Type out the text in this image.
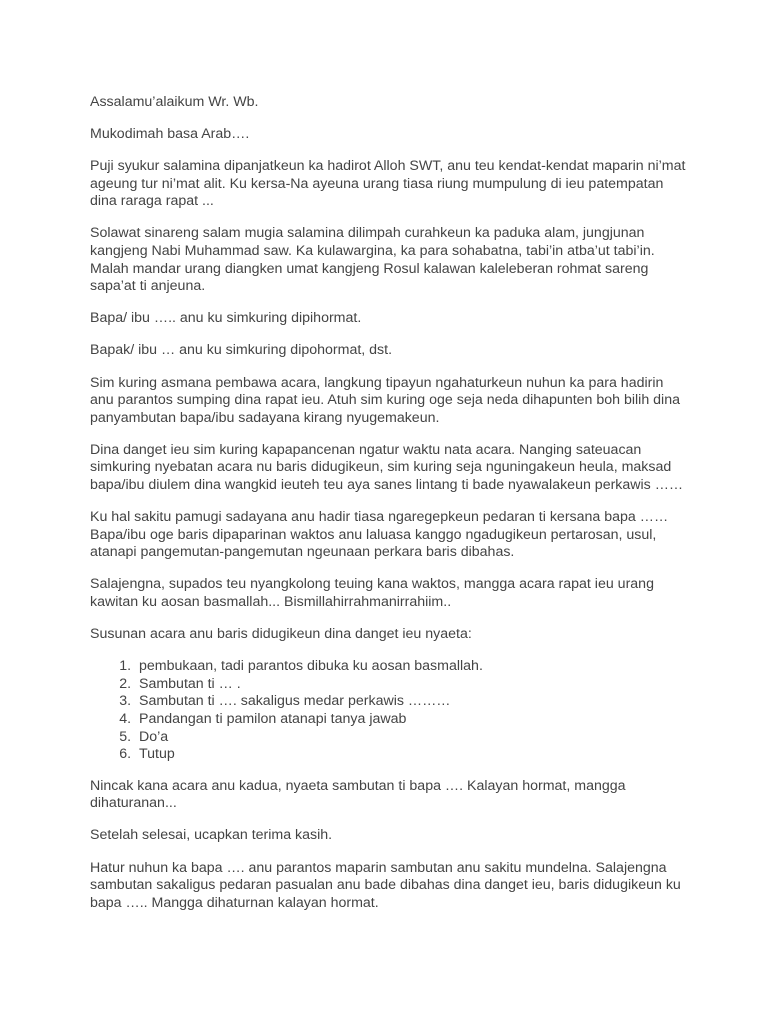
Assalamu’alaikum Wr. Wb.

Mukodimah basa Arab….

Puji syukur salamina dipanjatkeun ka hadirot Alloh SWT, anu teu kendat-kendat maparin ni’mat ageung tur ni’mat alit. Ku kersa-Na ayeuna urang tiasa riung mumpulung di ieu patempatan dina raraga rapat ...

Solawat sinareng salam mugia salamina dilimpah curahkeun ka paduka alam, jungjunan kangjeng Nabi Muhammad saw. Ka kulawargina, ka para sohabatna, tabi’in atba’ut tabi’in. Malah mandar urang diangken umat kangjeng Rosul kalawan kaleleberan rohmat sareng sapa’at ti anjeuna.

Bapa/ ibu ….. anu ku simkuring dipihormat.

Bapak/ ibu … anu ku simkuring dipohormat, dst.

Sim kuring asmana pembawa acara, langkung tipayun ngahaturkeun nuhun ka para hadirin anu parantos sumping dina rapat ieu. Atuh sim kuring oge seja neda dihapunten boh bilih dina panyambutan bapa/ibu sadayana kirang nyugemakeun.

Dina danget ieu sim kuring kapapancenan ngatur waktu nata acara. Nanging sateuacan simkuring nyebatan acara nu baris didugikeun, sim kuring seja nguningakeun heula, maksad bapa/ibu diulem dina wangkid ieuteh teu aya sanes lintang ti bade nyawalakeun perkawis ……

Ku hal sakitu pamugi sadayana anu hadir tiasa ngaregepkeun pedaran ti kersana bapa …… Bapa/ibu oge baris dipaparinan waktos anu laluasa kanggo ngadugikeun pertarosan, usul, atanapi pangemutan-pangemutan ngeunaan perkara baris dibahas.

Salajengna, supados teu nyangkolong teuing kana waktos, mangga acara rapat ieu urang kawitan ku aosan basmallah... Bismillahirrahmanirrahiim..

Susunan acara anu baris didugikeun dina danget ieu nyaeta:

1. pembukaan, tadi parantos dibuka ku aosan basmallah.
2. Sambutan ti … .
3. Sambutan ti …. sakaligus medar perkawis ………
4. Pandangan ti pamilon atanapi tanya jawab
5. Do’a
6. Tutup

Nincak kana acara anu kadua, nyaeta sambutan ti bapa …. Kalayan hormat, mangga dihaturanan...

Setelah selesai, ucapkan terima kasih.

Hatur nuhun ka bapa …. anu parantos maparin sambutan anu sakitu mundelna. Salajengna sambutan sakaligus pedaran pasualan anu bade dibahas dina danget ieu, baris didugikeun ku bapa ….. Mangga dihaturnan kalayan hormat.
